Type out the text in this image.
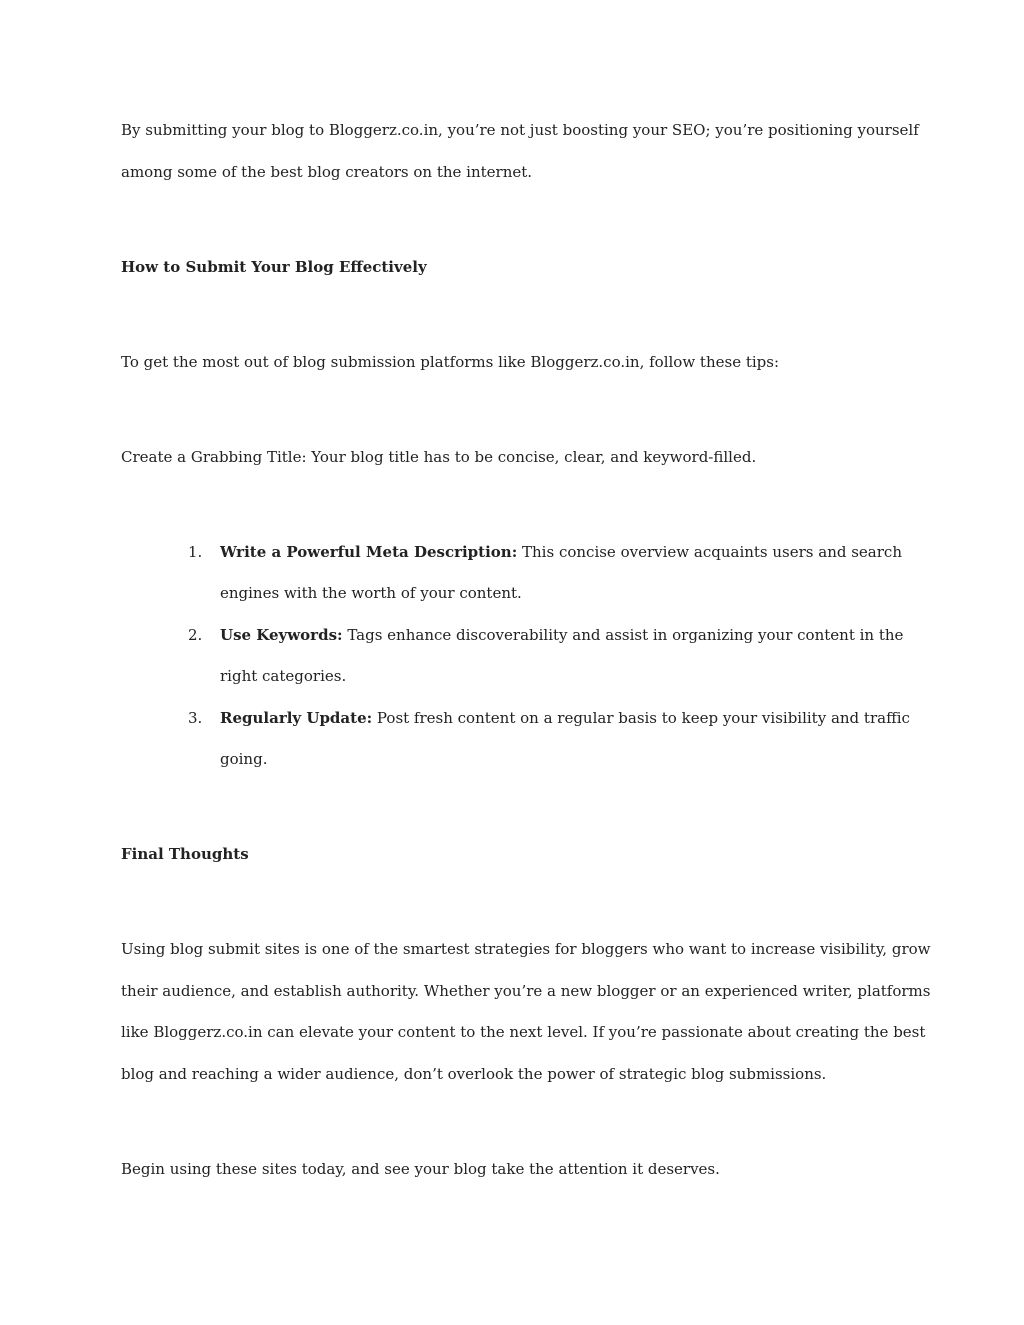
By submitting your blog to Bloggerz.co.in, you’re not just boosting your SEO; you’re positioning yourself
among some of the best blog creators on the internet.
How to Submit Your Blog Effectively
To get the most out of blog submission platforms like Bloggerz.co.in, follow these tips:
Create a Grabbing Title: Your blog title has to be concise, clear, and keyword-filled.
1. Write a Powerful Meta Description: This concise overview acquaints users and search
engines with the worth of your content.
2. Use Keywords: Tags enhance discoverability and assist in organizing your content in the
right categories.
3. Regularly Update: Post fresh content on a regular basis to keep your visibility and traffic
going.
Final Thoughts
Using blog submit sites is one of the smartest strategies for bloggers who want to increase visibility, grow
their audience, and establish authority. Whether you’re a new blogger or an experienced writer, platforms
like Bloggerz.co.in can elevate your content to the next level. If you’re passionate about creating the best
blog and reaching a wider audience, don’t overlook the power of strategic blog submissions.
Begin using these sites today, and see your blog take the attention it deserves.
